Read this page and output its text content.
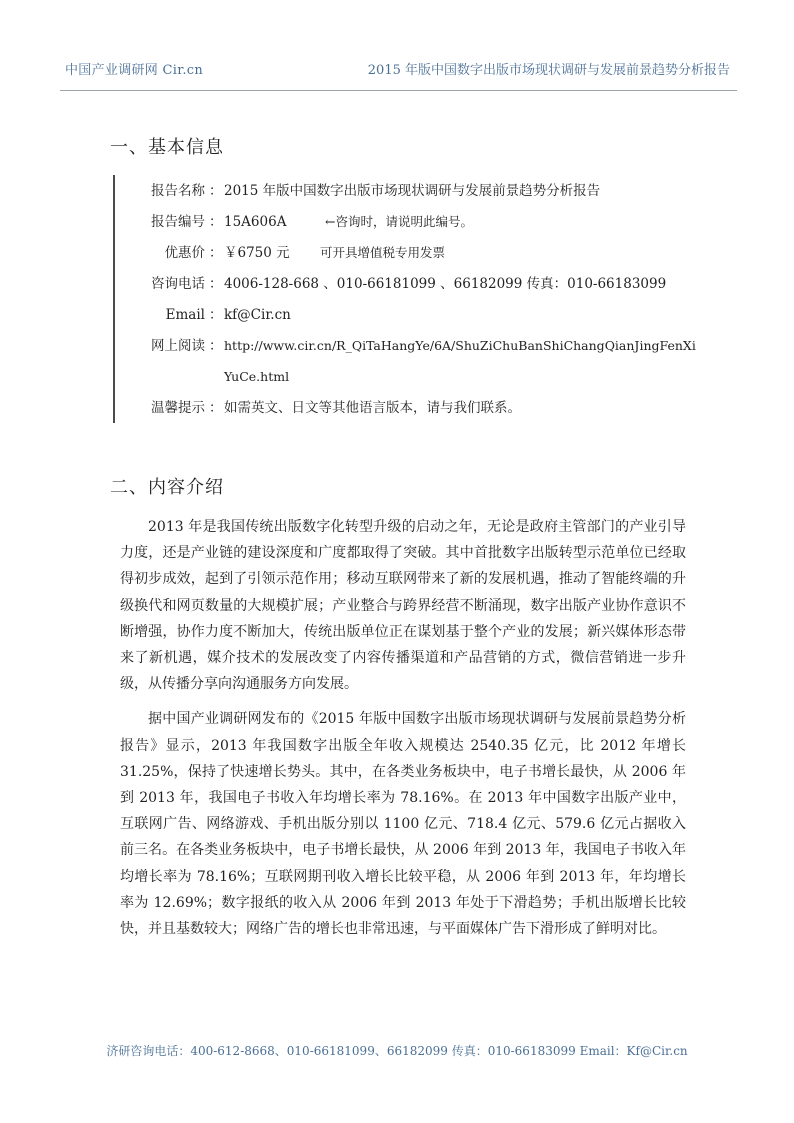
中国产业调研网 Cir.cn	2015 年版中国数字出版市场现状调研与发展前景趋势分析报告
一、基本信息
报告名称 ： 2015 年版中国数字出版市场现状调研与发展前景趋势分析报告
报告编号 ： 15A606A	←咨询时，请说明此编号。
优惠价 ： ￥6750 元 可开具增值税专用发票
咨询电话 ： 4006-128-668 、010-66181099 、66182099 传真：010-66183099
Email ： kf@Cir.cn
网上阅读 ： http://www.cir.cn/R_QiTaHangYe/6A/ShuZiChuBanShiChangQianJingFenXi
YuCe.html
温馨提示 ： 如需英文、日文等其他语言版本，请与我们联系。
二、内容介绍

2013 年是我国传统出版数字化转型升级的启动之年，无论是政府主管部门的产业引导力度，还是产业链的建设深度和广度都取得了突破。其中首批数字出版转型示范单位已经取得初步成效，起到了引领示范作用；移动互联网带来了新的发展机遇，推动了智能终端的升级换代和网页数量的大规模扩展；产业整合与跨界经营不断涌现，数字出版产业协作意识不断增强，协作力度不断加大，传统出版单位正在谋划基于整个产业的发展；新兴媒体形态带来了新机遇，媒介技术的发展改变了内容传播渠道和产品营销的方式，微信营销进一步升级，从传播分享向沟通服务方向发展。

据中国产业调研网发布的《2015 年版中国数字出版市场现状调研与发展前景趋势分析报告》显示，2013 年我国数字出版全年收入规模达 2540.35 亿元，比 2012 年增长 31.25%，保持了快速增长势头。其中，在各类业务板块中，电子书增长最快，从 2006 年到 2013 年，我国电子书收入年均增长率为 78.16%。在 2013 年中国数字出版产业中，互联网广告、网络游戏、手机出版分别以 1100 亿元、718.4 亿元、579.6 亿元占据收入前三名。在各类业务板块中，电子书增长最快，从 2006 年到 2013 年，我国电子书收入年均增长率为 78.16%；互联网期刊收入增长比较平稳，从 2006 年到 2013 年，年均增长率为 12.69%；数字报纸的收入从 2006 年到 2013 年处于下滑趋势；手机出版增长比较快，并且基数较大；网络广告的增长也非常迅速，与平面媒体广告下滑形成了鲜明对比。

济研咨询电话：400-612-8668、010-66181099、66182099 传真：010-66183099 Email：Kf@Cir.cn
